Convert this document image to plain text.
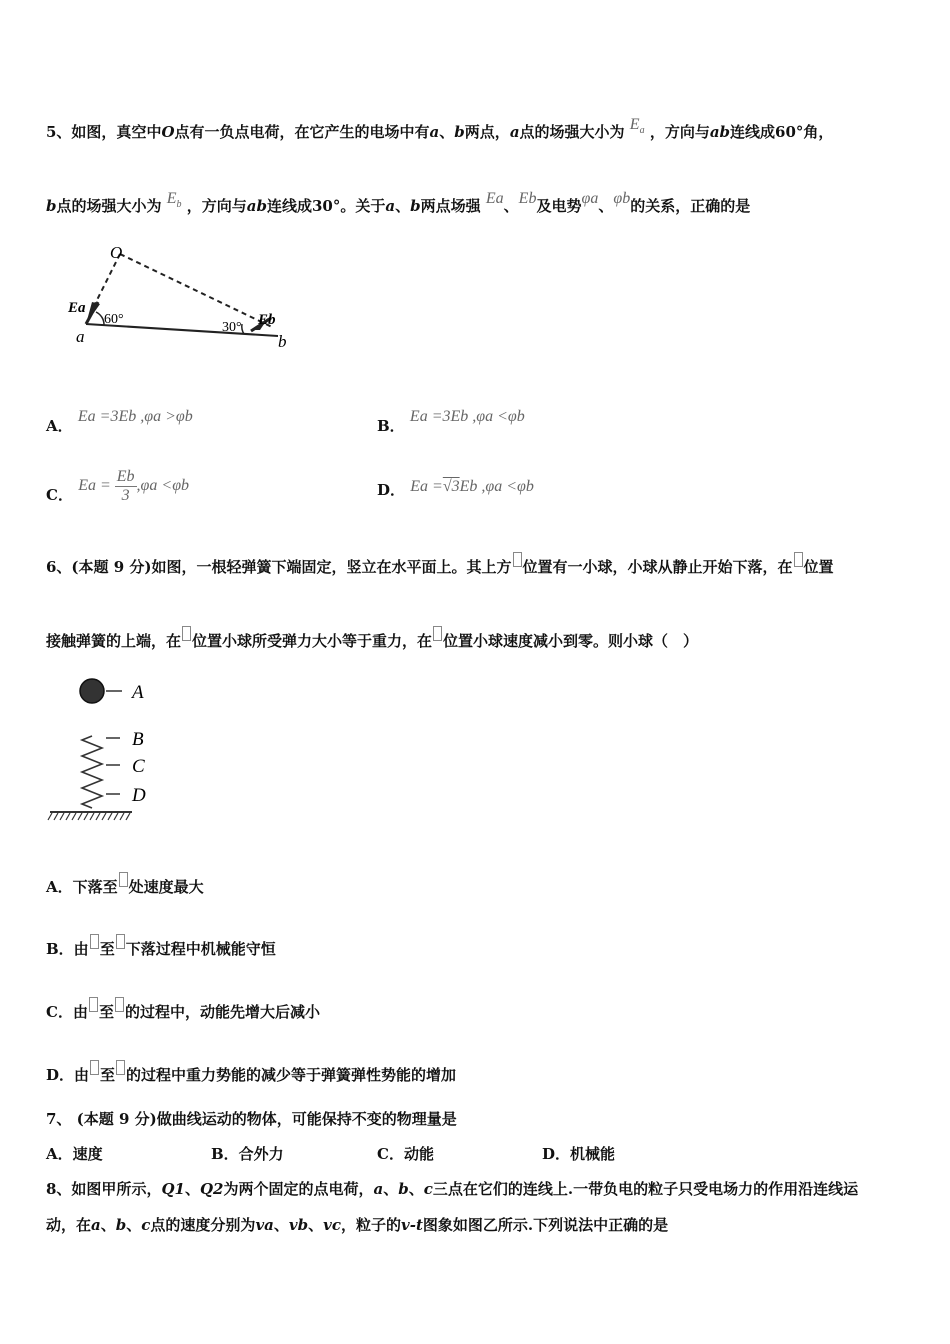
5、如图，真空中O点有一负点电荷，在它产生的电场中有a、b两点，a点的场强大小为 $E_a$ ，方向与ab连线成60°角，
b点的场强大小为 $E_b$ ，方向与ab连线成30°。关于a、b两点场强 Ea、Eb及电势φa、φb的关系，正确的是
O
Ea
60°
a	30° Eb
b
A． Ea =3Eb ,φa >φb
B． Ea =3Eb ,φa <φb
C． $Ea = \frac{Eb}{3} ,\varphi a <\varphi b$	D． Ea =√3Eb ,φa <φb
6、(本题 9 分)如图，一根轻弹簧下端固定，竖立在水平面上。其上方 位置有一小球，小球从静止开始下落，在 位置
接触弹簧的上端，在 位置小球所受弹力大小等于重力，在 位置小球速度减小到零。则小球（　）
A
B
C
D
A．下落至 处速度最大
B．由 至 下落过程中机械能守恒
C．由 至 的过程中，动能先增大后减小
D．由 至 的过程中重力势能的减少等于弹簧弹性势能的增加
7、 (本题 9 分)做曲线运动的物体，可能保持不变的物理量是
A．速度	B．合外力	C．动能	D．机械能
8、如图甲所示，Q1、Q2为两个固定的点电荷，a、b、c三点在它们的连线上.一带负电的粒子只受电场力的作用沿连线运
动，在a、b、c点的速度分别为va、vb、vc，粒子的v-t图象如图乙所示.下列说法中正确的是
